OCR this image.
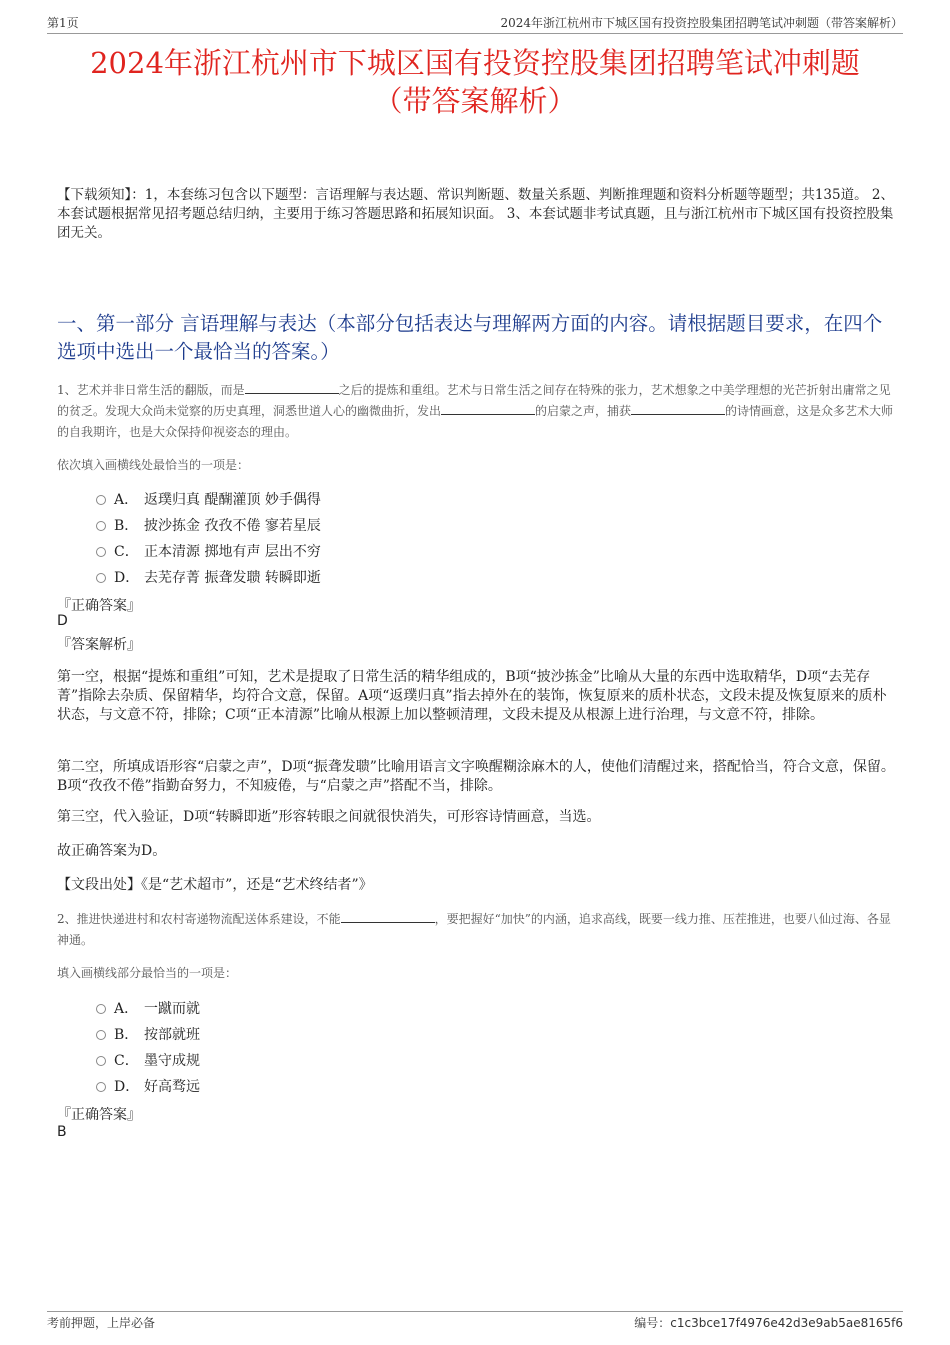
第1页	2024年浙江杭州市下城区国有投资控股集团招聘笔试冲刺题（带答案解析）
2024年浙江杭州市下城区国有投资控股集团招聘笔试冲刺题
（带答案解析）
【下载须知】：1，本套练习包含以下题型：言语理解与表达题、常识判断题、数量关系题、判断推理题和资料分析题等题型；共135道。 2、本套试题根据常见招考题总结归纳，主要用于练习答题思路和拓展知识面。 3、本套试题非考试真题，且与浙江杭州市下城区国有投资控股集团无关。
一、第一部分 言语理解与表达（本部分包括表达与理解两方面的内容。请根据题目要求，在四个选项中选出一个最恰当的答案。）
1、艺术并非日常生活的翻版，而是	之后的提炼和重组。艺术与日常生活之间存在特殊的张力，艺术想象之中美学理想的光芒折射出庸常之见的贫乏。发现大众尚未觉察的历史真理，洞悉世道人心的幽微曲折，发出	的启蒙之声，捕获	的诗情画意，这是众多艺术大师的自我期许，也是大众保持仰视姿态的理由。
依次填入画横线处最恰当的一项是：
A． 返璞归真 醍醐灌顶 妙手偶得
B． 披沙拣金 孜孜不倦 寥若星辰
C． 正本清源 掷地有声 层出不穷
D． 去芜存菁 振聋发聩 转瞬即逝
『正确答案』
D
『答案解析』
第一空，根据“提炼和重组”可知，艺术是提取了日常生活的精华组成的，B项“披沙拣金”比喻从大量的东西中选取精华，D项“去芜存菁”指除去杂质、保留精华，均符合文意，保留。A项“返璞归真”指去掉外在的装饰，恢复原来的质朴状态，文段未提及恢复原来的质朴状态，与文意不符，排除；C项“正本清源”比喻从根源上加以整顿清理，文段未提及从根源上进行治理，与文意不符，排除。
第二空，所填成语形容“启蒙之声”，D项“振聋发聩”比喻用语言文字唤醒糊涂麻木的人，使他们清醒过来，搭配恰当，符合文意，保留。B项“孜孜不倦”指勤奋努力，不知疲倦，与“启蒙之声”搭配不当，排除。
第三空，代入验证，D项“转瞬即逝”形容转眼之间就很快消失，可形容诗情画意，当选。
故正确答案为D。
【文段出处】《是“艺术超市”，还是“艺术终结者”》
2、推进快递进村和农村寄递物流配送体系建设，不能	，要把握好“加快”的内涵，追求高线，既要一线力推、压茬推进，也要八仙过海、各显神通。
填入画横线部分最恰当的一项是：
A． 一蹴而就
B． 按部就班
C． 墨守成规
D． 好高骛远
『正确答案』
B
考前押题，上岸必备	编号：c1c3bce17f4976e42d3e9ab5ae8165f6
